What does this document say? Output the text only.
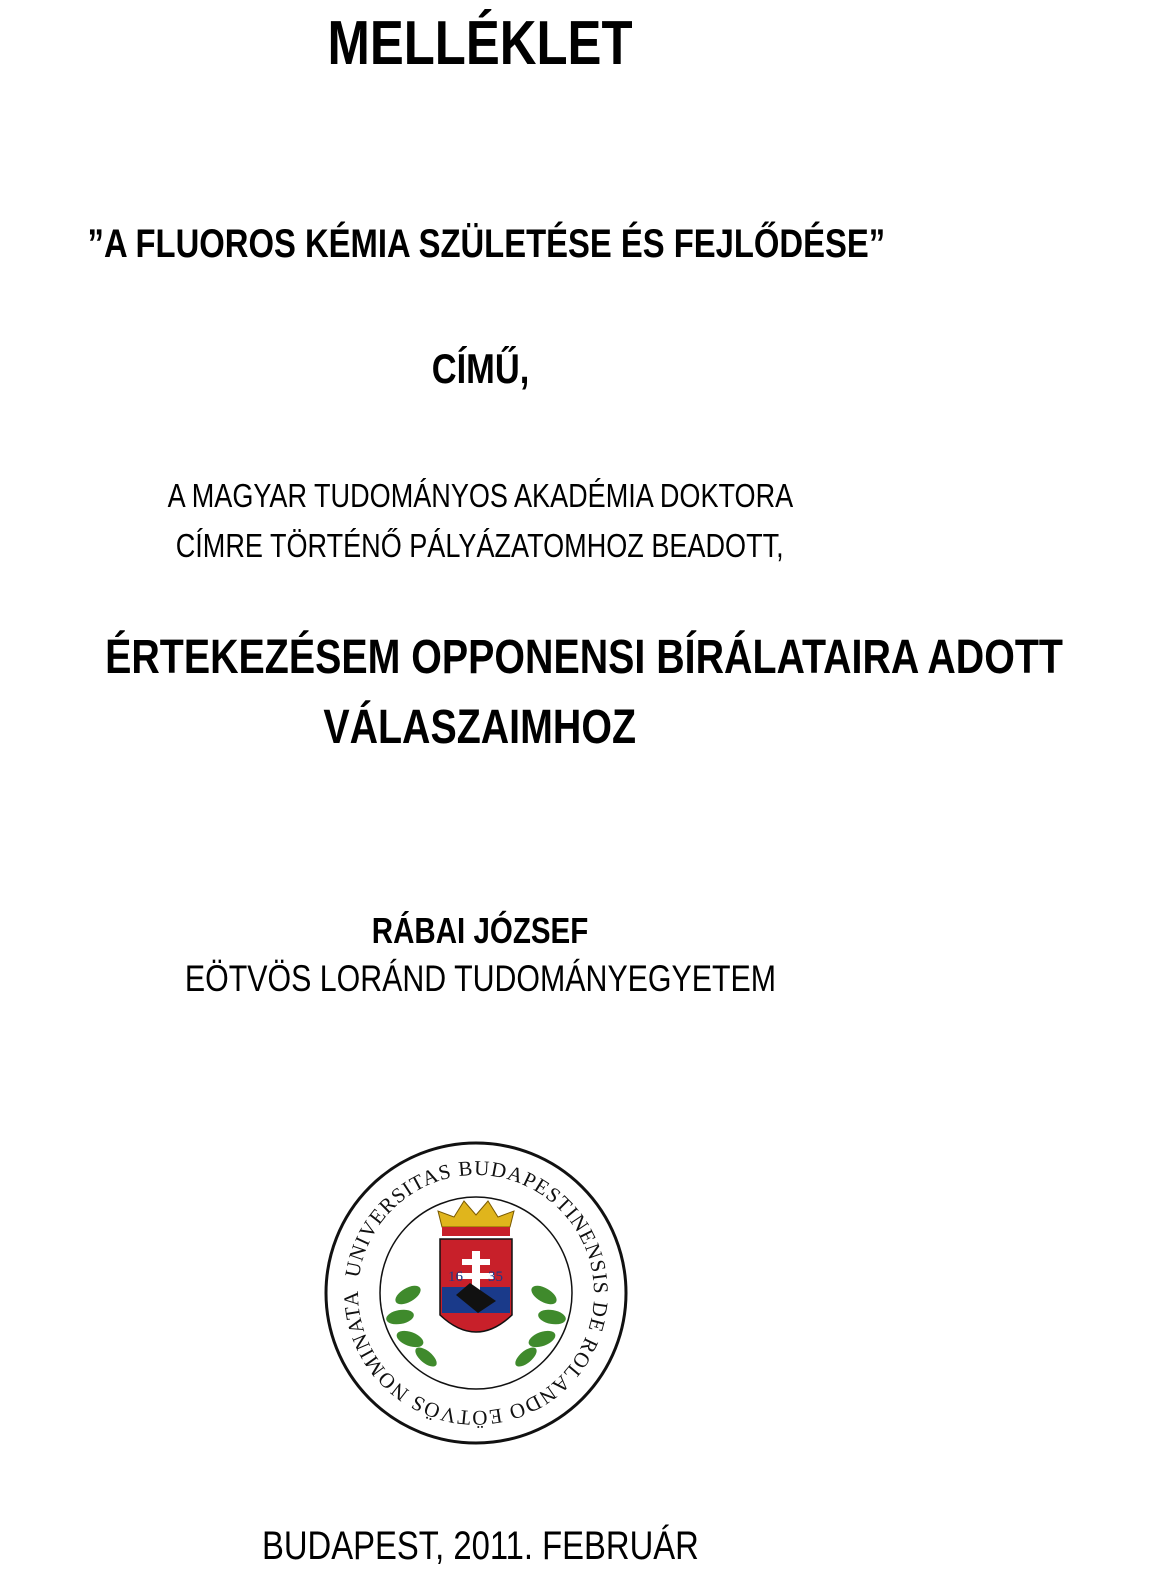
MELLÉKLET
”A FLUOROS KÉMIA SZÜLETÉSE ÉS FEJLŐDÉSE”
CÍMŰ,
A MAGYAR TUDOMÁNYOS AKADÉMIA DOKTORA
CÍMRE TÖRTÉNŐ PÁLYÁZATOMHOZ BEADOTT,
ÉRTEKEZÉSEM OPPONENSI BÍRÁLATAIRA ADOTT
VÁLASZAIMHOZ
RÁBAI JÓZSEF
EÖTVÖS LORÁND TUDOMÁNYEGYETEM
UNIVERSITAS BUDAPESTINENSIS DE ROLANDO EÖTVÖS NOMINATA
16 35
BUDAPEST, 2011. FEBRUÁR
